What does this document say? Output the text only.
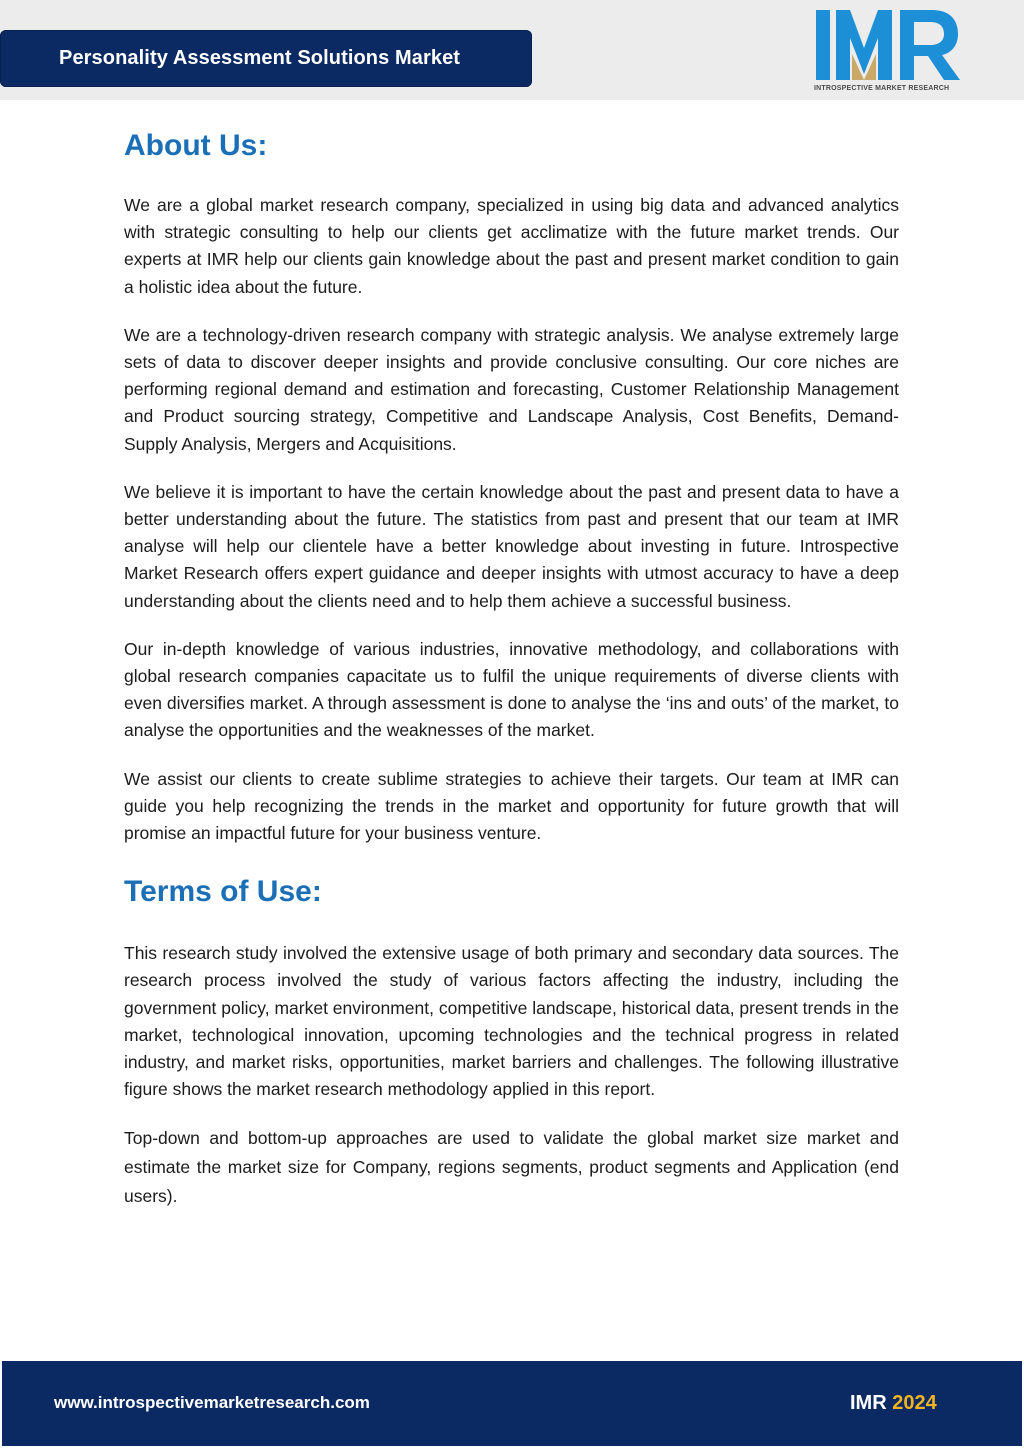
Personality Assessment Solutions Market
INTROSPECTIVE MARKET RESEARCH
About Us:

We are a global market research company, specialized in using big data and advanced analytics with strategic consulting to help our clients get acclimatize with the future market trends. Our experts at IMR help our clients gain knowledge about the past and present market condition to gain a holistic idea about the future.

We are a technology-driven research company with strategic analysis. We analyse extremely large sets of data to discover deeper insights and provide conclusive consulting. Our core niches are performing regional demand and estimation and forecasting, Customer Relationship Management and Product sourcing strategy, Competitive and Landscape Analysis, Cost Benefits, Demand-Supply Analysis, Mergers and Acquisitions.

We believe it is important to have the certain knowledge about the past and present data to have a better understanding about the future. The statistics from past and present that our team at IMR analyse will help our clientele have a better knowledge about investing in future. Introspective Market Research offers expert guidance and deeper insights with utmost accuracy to have a deep understanding about the clients need and to help them achieve a successful business.

Our in-depth knowledge of various industries, innovative methodology, and collaborations with global research companies capacitate us to fulfil the unique requirements of diverse clients with even diversifies market. A through assessment is done to analyse the ‘ins and outs’ of the market, to analyse the opportunities and the weaknesses of the market.

We assist our clients to create sublime strategies to achieve their targets. Our team at IMR can guide you help recognizing the trends in the market and opportunity for future growth that will promise an impactful future for your business venture.

Terms of Use:

This research study involved the extensive usage of both primary and secondary data sources. The research process involved the study of various factors affecting the industry, including the government policy, market environment, competitive landscape, historical data, present trends in the market, technological innovation, upcoming technologies and the technical progress in related industry, and market risks, opportunities, market barriers and challenges. The following illustrative figure shows the market research methodology applied in this report.

Top-down and bottom-up approaches are used to validate the global market size market and estimate the market size for Company, regions segments, product segments and Application (end users).

www.introspectivemarketresearch.com	IMR 2024
